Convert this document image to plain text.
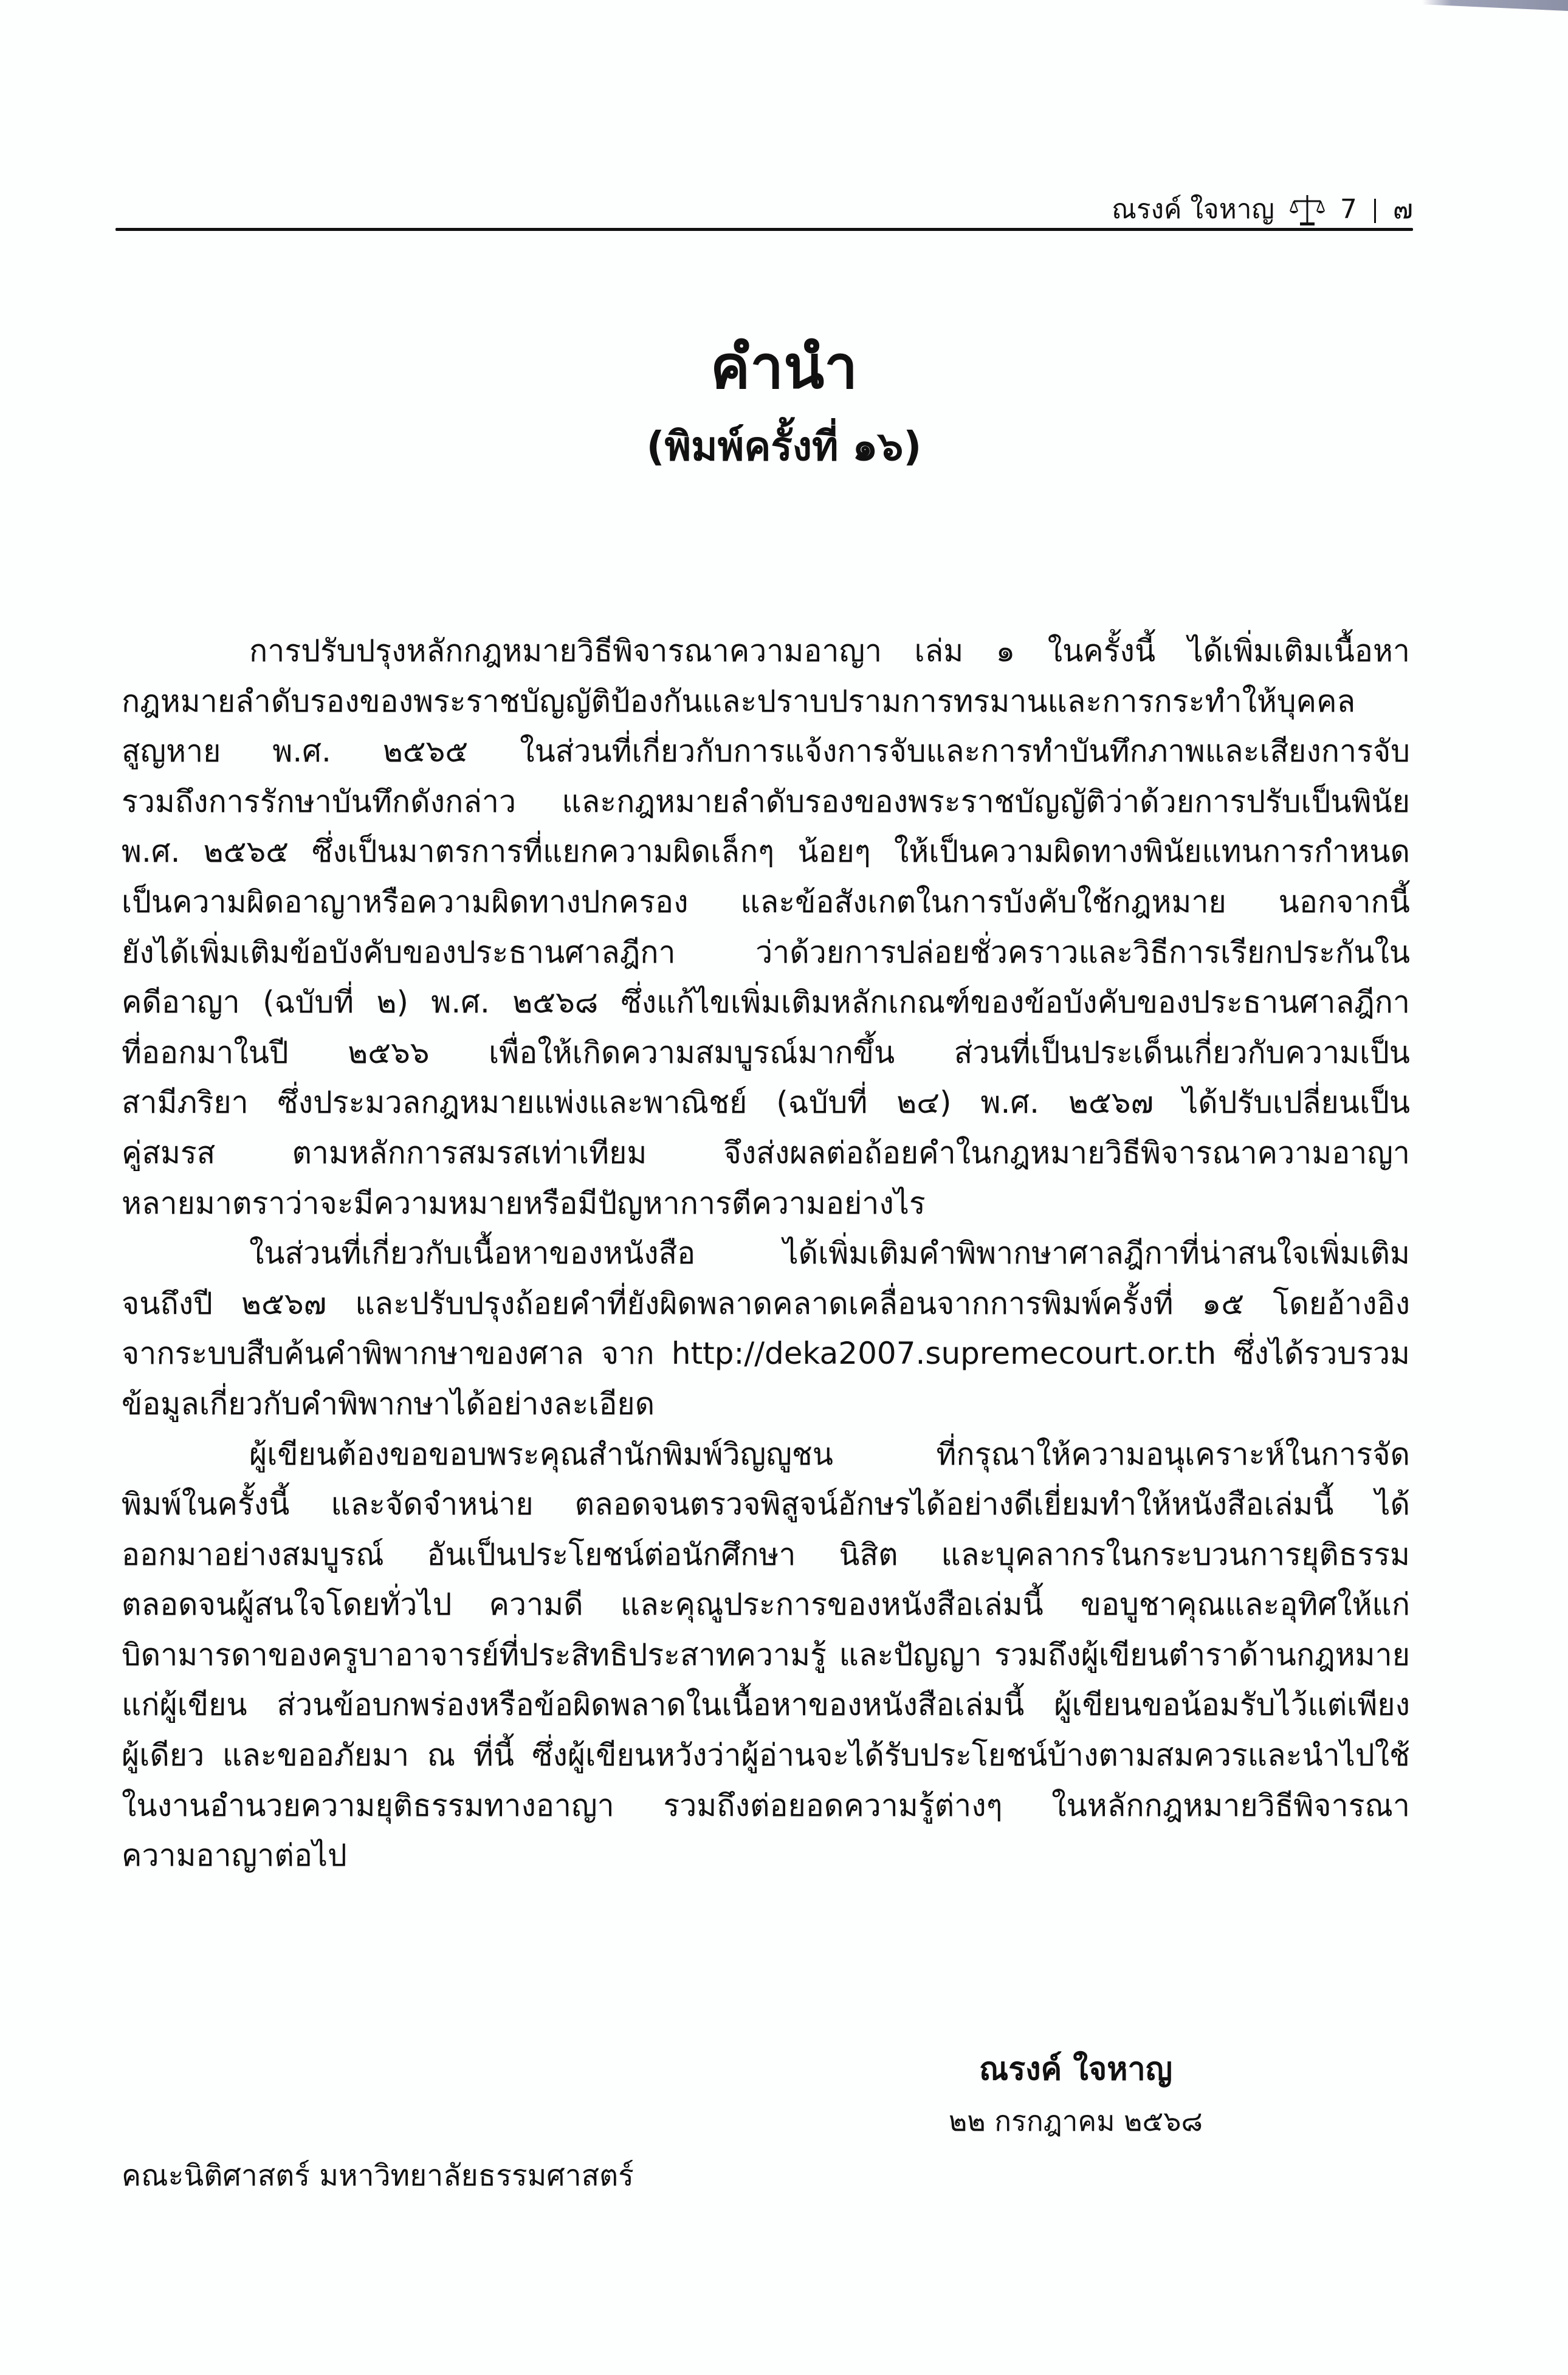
ณรงค์ ใจหาญ 7 ๗
คำนำ
(พิมพ์ครั้งที่ ๑๖)
การปรับปรุงหลักกฎหมายวิธีพิจารณาความอาญา เล่ม ๑ ในครั้งนี้ ได้เพิ่มเติมเนื้อหา
กฎหมายลำดับรองของพระราชบัญญัติป้องกันและปราบปรามการทรมานและการกระทำให้บุคคล
สูญหาย พ.ศ. ๒๕๖๕ ในส่วนที่เกี่ยวกับการแจ้งการจับและการทำบันทึกภาพและเสียงการจับ
รวมถึงการรักษาบันทึกดังกล่าว และกฎหมายลำดับรองของพระราชบัญญัติว่าด้วยการปรับเป็นพินัย
พ.ศ. ๒๕๖๕ ซึ่งเป็นมาตรการที่แยกความผิดเล็กๆ น้อยๆ ให้เป็นความผิดทางพินัยแทนการกำหนด
เป็นความผิดอาญาหรือความผิดทางปกครอง และข้อสังเกตในการบังคับใช้กฎหมาย นอกจากนี้
ยังได้เพิ่มเติมข้อบังคับของประธานศาลฎีกา ว่าด้วยการปล่อยชั่วคราวและวิธีการเรียกประกันใน
คดีอาญา (ฉบับที่ ๒) พ.ศ. ๒๕๖๘ ซึ่งแก้ไขเพิ่มเติมหลักเกณฑ์ของข้อบังคับของประธานศาลฎีกา
ที่ออกมาในปี ๒๕๖๖ เพื่อให้เกิดความสมบูรณ์มากขึ้น ส่วนที่เป็นประเด็นเกี่ยวกับความเป็น
สามีภริยา ซึ่งประมวลกฎหมายแพ่งและพาณิชย์ (ฉบับที่ ๒๔) พ.ศ. ๒๕๖๗ ได้ปรับเปลี่ยนเป็น
คู่สมรส ตามหลักการสมรสเท่าเทียม จึงส่งผลต่อถ้อยคำในกฎหมายวิธีพิจารณาความอาญา
หลายมาตราว่าจะมีความหมายหรือมีปัญหาการตีความอย่างไร
ในส่วนที่เกี่ยวกับเนื้อหาของหนังสือ ได้เพิ่มเติมคำพิพากษาศาลฎีกาที่น่าสนใจเพิ่มเติม
จนถึงปี ๒๕๖๗ และปรับปรุงถ้อยคำที่ยังผิดพลาดคลาดเคลื่อนจากการพิมพ์ครั้งที่ ๑๕ โดยอ้างอิง
จากระบบสืบค้นคำพิพากษาของศาล จาก http://deka2007.supremecourt.or.th ซึ่งได้รวบรวม
ข้อมูลเกี่ยวกับคำพิพากษาได้อย่างละเอียด
ผู้เขียนต้องขอขอบพระคุณสำนักพิมพ์วิญญูชน ที่กรุณาให้ความอนุเคราะห์ในการจัด
พิมพ์ในครั้งนี้ และจัดจำหน่าย ตลอดจนตรวจพิสูจน์อักษรได้อย่างดีเยี่ยมทำให้หนังสือเล่มนี้ ได้
ออกมาอย่างสมบูรณ์ อันเป็นประโยชน์ต่อนักศึกษา นิสิต และบุคลากรในกระบวนการยุติธรรม
ตลอดจนผู้สนใจโดยทั่วไป ความดี และคุณูประการของหนังสือเล่มนี้ ขอบูชาคุณและอุทิศให้แก่
บิดามารดาของครูบาอาจารย์ที่ประสิทธิประสาทความรู้ และปัญญา รวมถึงผู้เขียนตำราด้านกฎหมาย
แก่ผู้เขียน ส่วนข้อบกพร่องหรือข้อผิดพลาดในเนื้อหาของหนังสือเล่มนี้ ผู้เขียนขอน้อมรับไว้แต่เพียง
ผู้เดียว และขออภัยมา ณ ที่นี้ ซึ่งผู้เขียนหวังว่าผู้อ่านจะได้รับประโยชน์บ้างตามสมควรและนำไปใช้
ในงานอำนวยความยุติธรรมทางอาญา รวมถึงต่อยอดความรู้ต่างๆ ในหลักกฎหมายวิธีพิจารณา
ความอาญาต่อไป
ณรงค์ ใจหาญ
๒๒ กรกฎาคม ๒๕๖๘
คณะนิติศาสตร์ มหาวิทยาลัยธรรมศาสตร์
